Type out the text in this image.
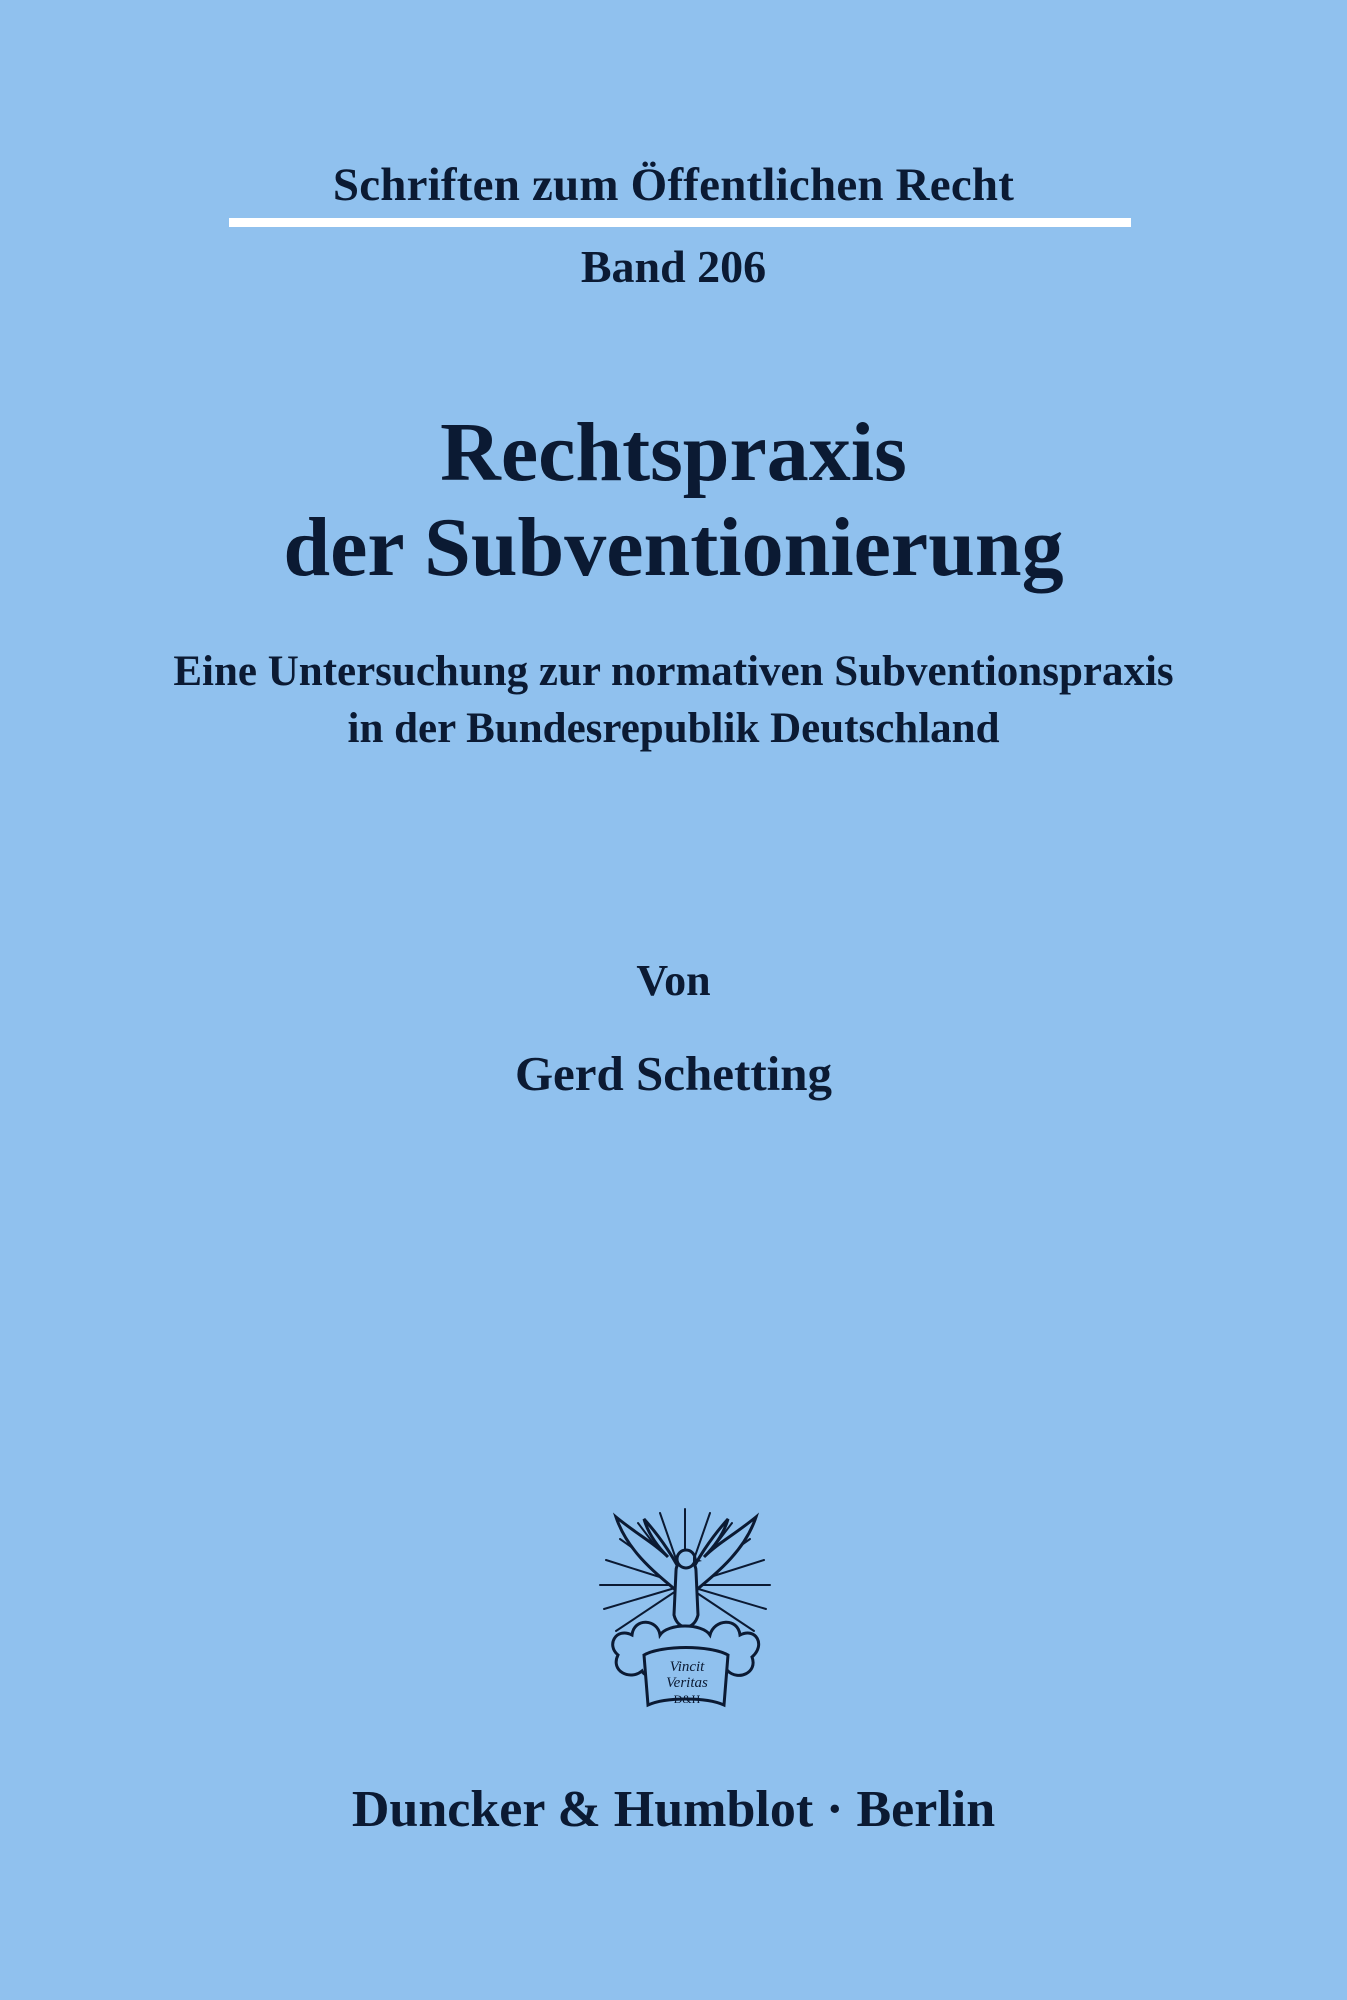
Schriften zum Öffentlichen Recht
Band 206
Rechtspraxis
der Subventionierung
Eine Untersuchung zur normativen Subventionspraxis
in der Bundesrepublik Deutschland
Von
Gerd Schetting
Vincit
Veritas
D&H
Duncker & Humblot · Berlin
